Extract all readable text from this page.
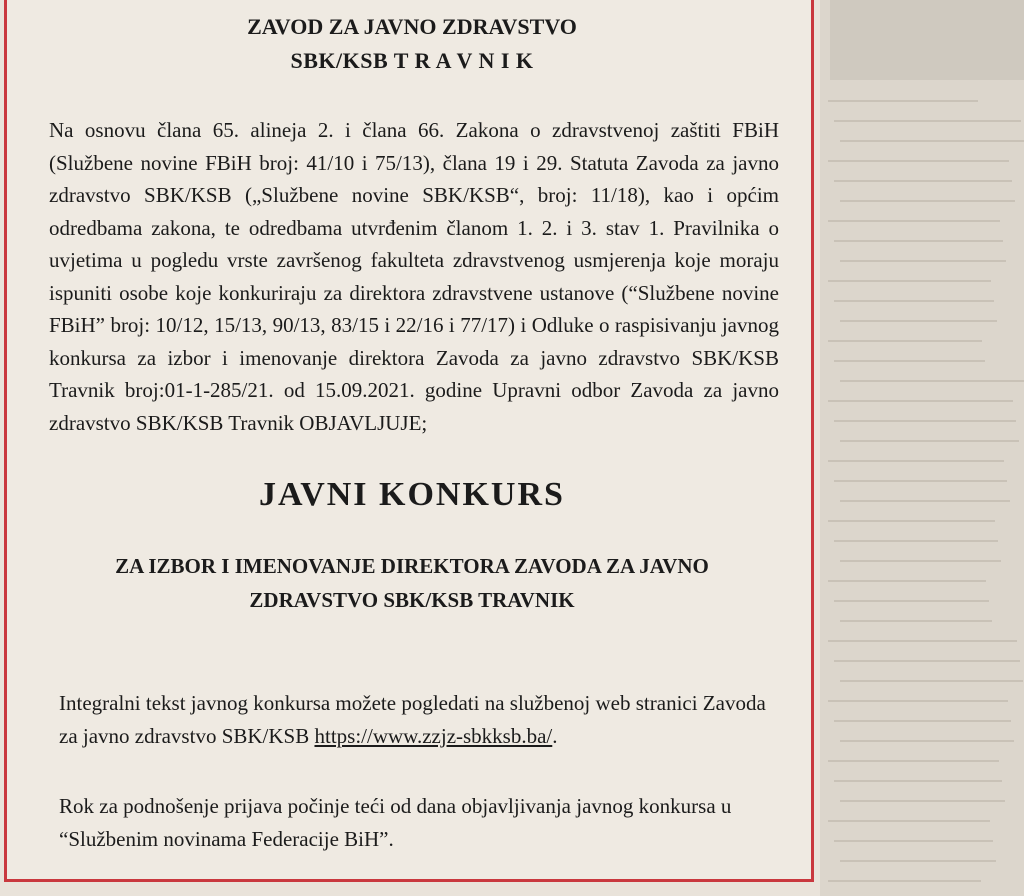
ZAVOD ZA JAVNO ZDRAVSTVO
SBK/KSB T R A V N I K

Na osnovu člana 65. alineja 2. i člana 66. Zakona o zdravstvenoj zaštiti FBiH (Službene novine FBiH broj: 41/10 i 75/13), člana 19 i 29. Statuta Zavoda za javno zdravstvo SBK/KSB („Službene novine SBK/KSB“, broj: 11/18), kao i općim odredbama zakona, te odredbama utvrđenim članom 1. 2. i 3. stav 1. Pravilnika o uvjetima u pogledu vrste završenog fakulteta zdravstvenog usmjerenja koje moraju ispuniti osobe koje konkuriraju za direktora zdravstvene ustanove (“Službene novine FBiH” broj: 10/12, 15/13, 90/13, 83/15 i 22/16 i 77/17) i Odluke o raspisivanju javnog konkursa za izbor i imenovanje direktora Zavoda za javno zdravstvo SBK/KSB Travnik broj:01-1-285/21. od 15.09.2021. godine Upravni odbor Zavoda za javno zdravstvo SBK/KSB Travnik OBJAVLJUJE;

JAVNI KONKURS
ZA IZBOR I IMENOVANJE DIREKTORA ZAVODA ZA JAVNO
ZDRAVSTVO SBK/KSB TRAVNIK

Integralni tekst javnog konkursa možete pogledati na službenoj web stranici Zavoda za javno zdravstvo SBK/KSB https://www.zzjz-sbkksb.ba/.

Rok za podnošenje prijava počinje teći od dana objavljivanja javnog konkursa u “Službenim novinama Federacije BiH”.
